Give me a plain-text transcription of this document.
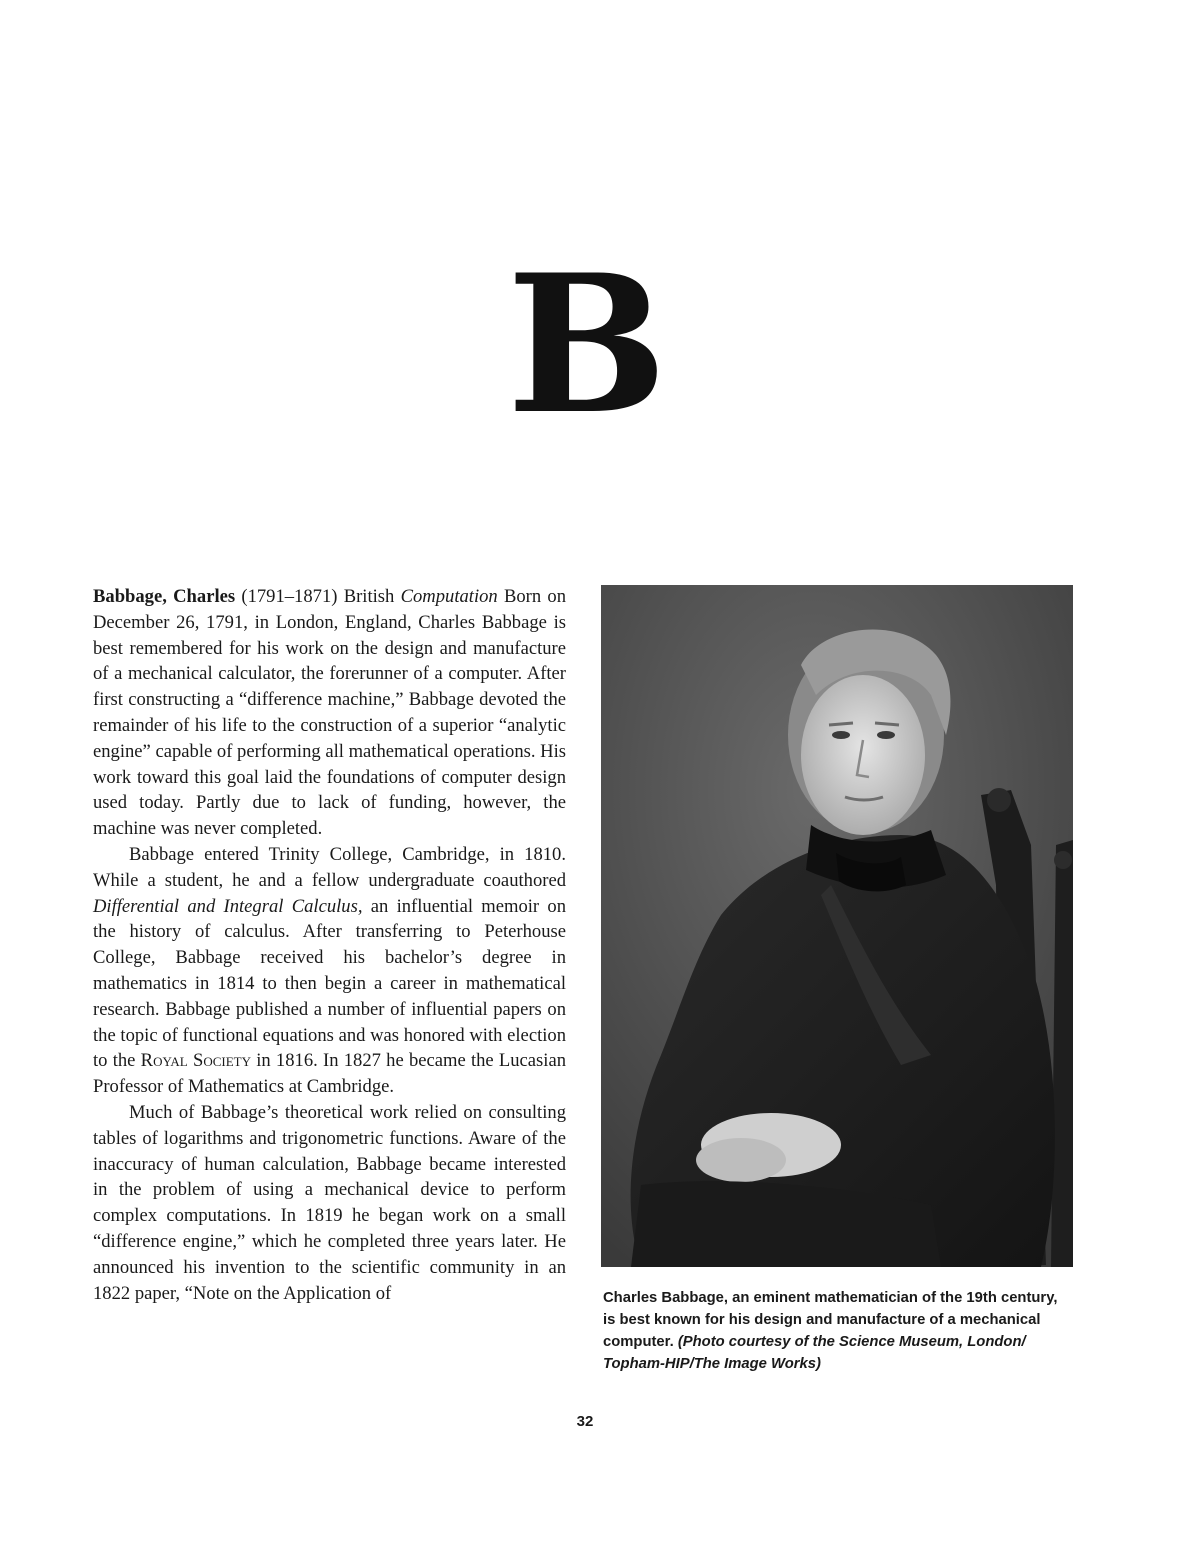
B

Babbage, Charles (1791–1871) British Computation Born on December 26, 1791, in London, England, Charles Babbage is best remembered for his work on the design and manufacture of a mechanical calculator, the forerunner of a computer. After first constructing a “difference machine,” Babbage devoted the remainder of his life to the construction of a superior “analytic engine” capable of performing all mathematical operations. His work toward this goal laid the foundations of computer design used today. Partly due to lack of funding, however, the machine was never completed.

Babbage entered Trinity College, Cambridge, in 1810. While a student, he and a fellow undergraduate coauthored Differential and Integral Calculus, an influential memoir on the history of calculus. After transferring to Peterhouse College, Babbage received his bachelor’s degree in mathematics in 1814 to then begin a career in mathematical research. Babbage published a number of influential papers on the topic of functional equations and was honored with election to the Royal Society in 1816. In 1827 he became the Lucasian Professor of Mathematics at Cambridge.

Much of Babbage’s theoretical work relied on consulting tables of logarithms and trigonometric functions. Aware of the inaccuracy of human calculation, Babbage became interested in the problem of using a mechanical device to perform complex computations. In 1819 he began work on a small “difference engine,” which he completed three years later. He announced his invention to the scientific community in an 1822 paper, “Note on the Application of	Charles Babbage, an eminent mathematician of the 19th century, is best known for his design and manufacture of a mechanical computer. (Photo courtesy of the Science Museum, London/ Topham-HIP/The Image Works)
32
